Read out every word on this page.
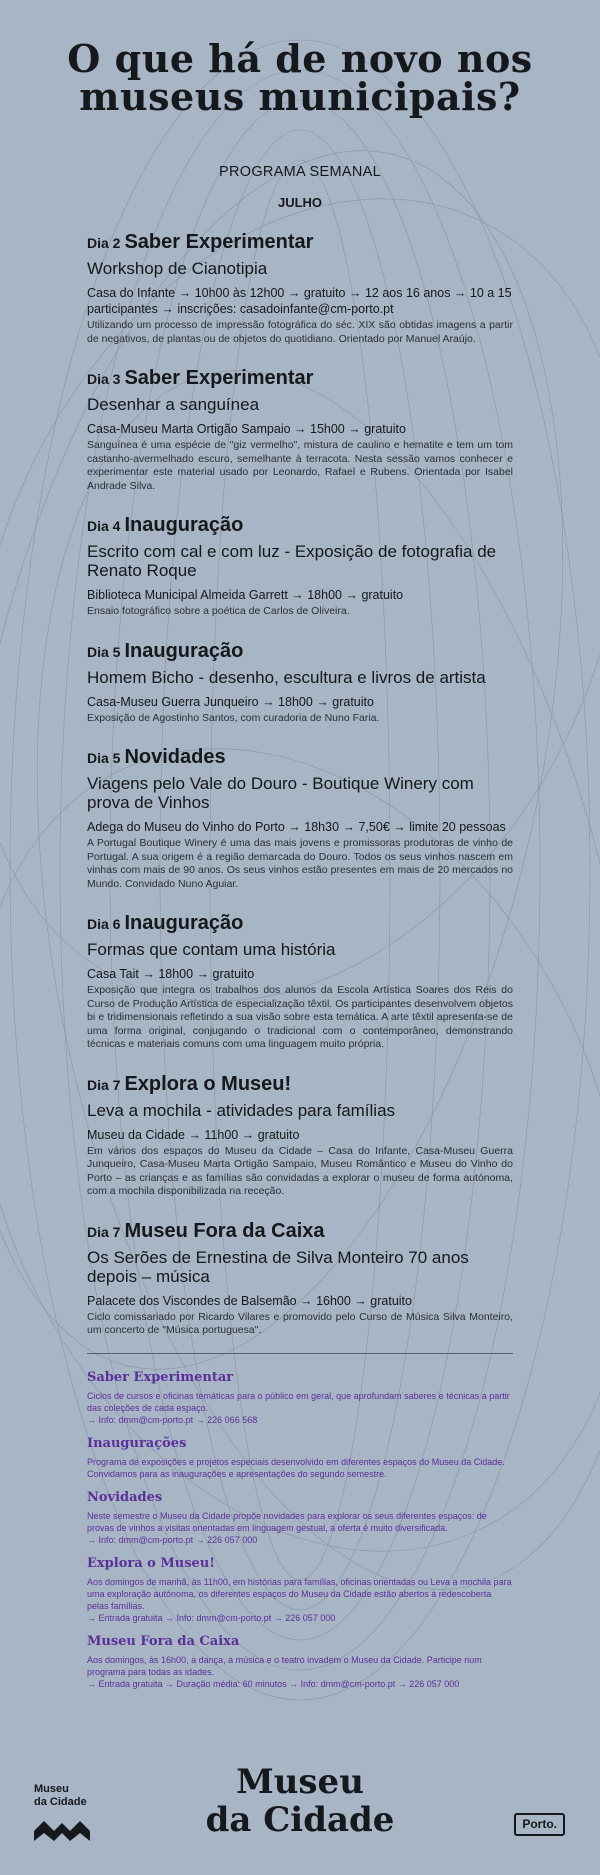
O que há de novo nos
museus municipais?
PROGRAMA SEMANAL
JULHO
Dia 2 Saber Experimentar
Workshop de Cianotipia
Casa do Infante → 10h00 às 12h00 → gratuito → 12 aos 16 anos → 10 a 15 participantes → inscrições: casadoinfante@cm-porto.pt
Utilizando um processo de impressão fotográfica do séc. XIX são obtidas imagens a partir de negativos, de plantas ou de objetos do quotidiano. Orientado por Manuel Araújo.
Dia 3 Saber Experimentar
Desenhar a sanguínea
Casa-Museu Marta Ortigão Sampaio → 15h00 → gratuito
Sanguínea é uma espécie de "giz vermelho", mistura de caulino e hematite e tem um tom castanho-avermelhado escuro, semelhante à terracota. Nesta sessão vamos conhecer e experimentar este material usado por Leonardo, Rafael e Rubens. Orientada por Isabel Andrade Silva.
Dia 4 Inauguração
Escrito com cal e com luz - Exposição de fotografia de Renato Roque
Biblioteca Municipal Almeida Garrett → 18h00 → gratuito
Ensaio fotográfico sobre a poética de Carlos de Oliveira.
Dia 5 Inauguração
Homem Bicho - desenho, escultura e livros de artista
Casa-Museu Guerra Junqueiro → 18h00 → gratuito
Exposição de Agostinho Santos, com curadoria de Nuno Faria.
Dia 5 Novidades
Viagens pelo Vale do Douro - Boutique Winery com prova de Vinhos
Adega do Museu do Vinho do Porto → 18h30 → 7,50€ → limite 20 pessoas
A Portugal Boutique Winery é uma das mais jovens e promissoras produtoras de vinho de Portugal. A sua origem é a região demarcada do Douro. Todos os seus vinhos nascem em vinhas com mais de 90 anos. Os seus vinhos estão presentes em mais de 20 mercados no Mundo. Convidado Nuno Aguiar.
Dia 6 Inauguração
Formas que contam uma história
Casa Tait → 18h00 → gratuito
Exposição que integra os trabalhos dos alunos da Escola Artística Soares dos Reis do Curso de Produção Artística de especialização têxtil. Os participantes desenvolvem objetos bi e tridimensionais refletindo a sua visão sobre esta temática. A arte têxtil apresenta-se de uma forma original, conjugando o tradicional com o contemporâneo, demonstrando técnicas e materiais comuns com uma linguagem muito própria.
Dia 7 Explora o Museu!
Leva a mochila - atividades para famílias
Museu da Cidade → 11h00 → gratuito
Em vários dos espaços do Museu da Cidade – Casa do Infante, Casa-Museu Guerra Junqueiro, Casa-Museu Marta Ortigão Sampaio, Museu Romântico e Museu do Vinho do Porto – as crianças e as famílias são convidadas a explorar o museu de forma autónoma, com a mochila disponibilizada na receção.
Dia 7 Museu Fora da Caixa
Os Serões de Ernestina de Silva Monteiro 70 anos depois – música
Palacete dos Viscondes de Balsemão → 16h00 → gratuito
Ciclo comissariado por Ricardo Vilares e promovido pelo Curso de Música Silva Monteiro, um concerto de "Música portuguesa".
Saber Experimentar
Ciclos de cursos e oficinas temáticas para o público em geral, que aprofundam saberes e técnicas a partir das coleções de cada espaço.
→ Info: dmm@cm-porto.pt → 226 066 568
Inaugurações
Programa de exposições e projetos especiais desenvolvido em diferentes espaços do Museu da Cidade. Convidamos para as inaugurações e apresentações do segundo semestre.
Novidades
Neste semestre o Museu da Cidade propõe novidades para explorar os seus diferentes espaços: de provas de vinhos a visitas orientadas em linguagem gestual, a oferta é muito diversificada.
→ Info: dmm@cm-porto.pt → 226 057 000
Explora o Museu!
Aos domingos de manhã, às 11h00, em histórias para famílias, oficinas orientadas ou Leva a mochila para uma exploração autónoma, os diferentes espaços do Museu da Cidade estão abertos à redescoberta pelas famílias.
→ Entrada gratuita → Info: dmm@cm-porto.pt → 226 057 000
Museu Fora da Caixa
Aos domingos, às 16h00, a dança, a música e o teatro invadem o Museu da Cidade. Participe num programa para todas as idades.
→ Entrada gratuita → Duração média: 60 minutos → Info: dmm@cm-porto.pt → 226 057 000
Museu
da Cidade	Museu
da Cidade	Porto.
